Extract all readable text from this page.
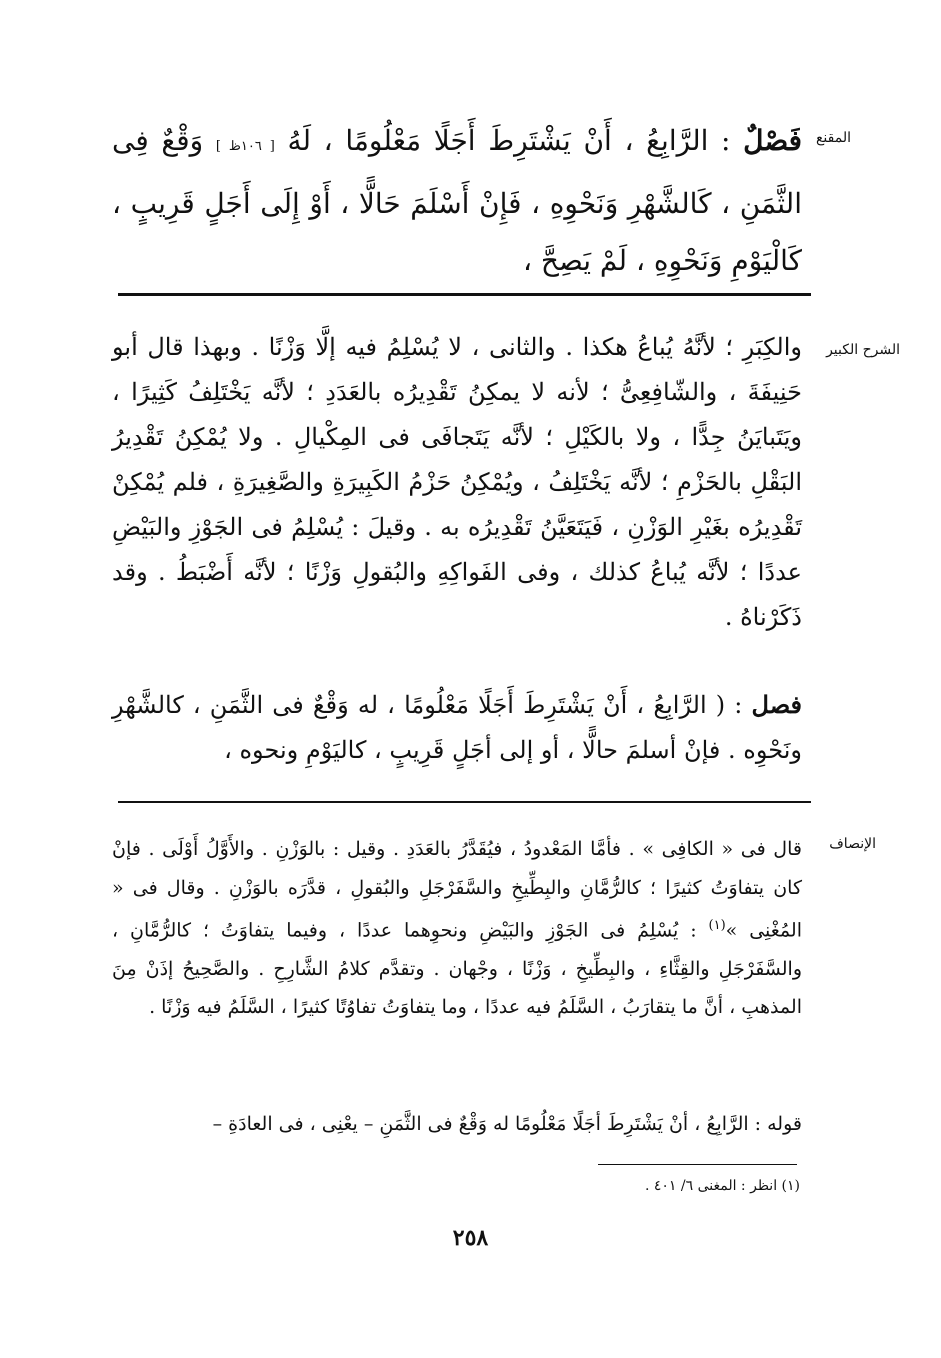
المقنع
فَصْلٌ : الرَّابِعُ ، أَنْ يَشْتَرِطَ أَجَلًا مَعْلُومًا ، لَهُ [ ١٠٦ظ ] وَقْعٌ فِى الثَّمَنِ ، كَالشَّهْرِ وَنَحْوِهِ ، فَإِنْ أَسْلَمَ حَالًّا ، أَوْ إِلَى أَجَلٍ قَرِيبٍ ، كَالْيَوْمِ وَنَحْوِهِ ، لَمْ يَصِحَّ ،
الشرح الكبير
والكِبَرِ ؛ لأنَّهُ يُباعُ هكذا . والثانى ، لا يُسْلِمُ فيه إلَّا وَزْنًا . وبهذا قال أبو حَنِيفَةَ ، والشّافِعِىُّ ؛ لأنه لا يمكِنُ تَقْدِيرُه بالعَدَدِ ؛ لأنَّه يَخْتَلِفُ كَثِيرًا ، ويَتَبايَنُ جِدًّا ، ولا بالكَيْلِ ؛ لأنَّه يَتَجافَى فى المِكْيالِ . ولا يُمْكِنُ تَقْدِيرُ البَقْلِ بالحَزْمِ ؛ لأنَّه يَخْتَلِفُ ، ويُمْكِنُ حَزْمُ الكَبِيرَةِ والصَّغِيرَةِ ، فلم يُمْكِنْ تَقْدِيرُه بغَيْرِ الوَزْنِ ، فَيَتَعَيَّنُ تَقْدِيرُه به . وقيلَ : يُسْلِمُ فى الجَوْزِ والبَيْضِ عددًا ؛ لأنَّه يُباعُ كذلك ، وفى الفَواكِهِ والبُقولِ وَزْنًا ؛ لأنَّه أَضْبَطُ . وقد ذَكَرْناهُ .
فصل : ( الرَّابِعُ ، أَنْ يَشْتَرِطَ أَجَلًا مَعْلُومًا ، له وَقْعٌ فى الثَّمَنِ ، كالشَّهْرِ ونَحْوِه . فإنْ أسلمَ حالًّا ، أو إلى أجَلٍ قَرِيبٍ ، كاليَوْمِ ونحوه ،
الإنصاف
قال فى « الكافِى » . فأمَّا المَعْدودُ ، فيُقَدَّرُ بالعَدَدِ . وقيل : بالوَزْنِ . والأَوَّلُ أَوْلَى . فإنْ كان يتفاوَتُ كثيرًا ؛ كالرُّمَّانِ والبِطِّيخِ والسَّفَرْجَلِ والبُقولِ ، قدَّرَه بالوَزْنِ . وقال فى « المُغْنِى »$^{(١)}$ : يُسْلِمُ فى الجَوْزِ والبَيْضِ ونحوِهما عددًا ، وفيما يتفاوَتُ ؛ كالرُّمَّانِ ، والسَّفَرْجَلِ والقِثَّاءِ ، والبِطِّيخِ ، وَزْنًا ، وجْهان . وتقدَّم كلامُ الشَّارِحِ . والصَّحِيحُ إذَنْ مِنَ المذهبِ ، أنَّ ما يتقارَبُ ، السَّلَمُ فيه عددًا ، وما يتفاوَتُ تفاوُتًا كثيرًا ، السَّلَمُ فيه وَزْنًا .
قوله : الرَّابِعُ ، أنْ يَشْتَرِطَ أجَلًا مَعْلُومًا له وَقْعٌ فى الثَّمَنِ – يعْنِى ، فى العادَةِ –
(١) انظر : المغنى ٦/ ٤٠١ .
٢٥٨
